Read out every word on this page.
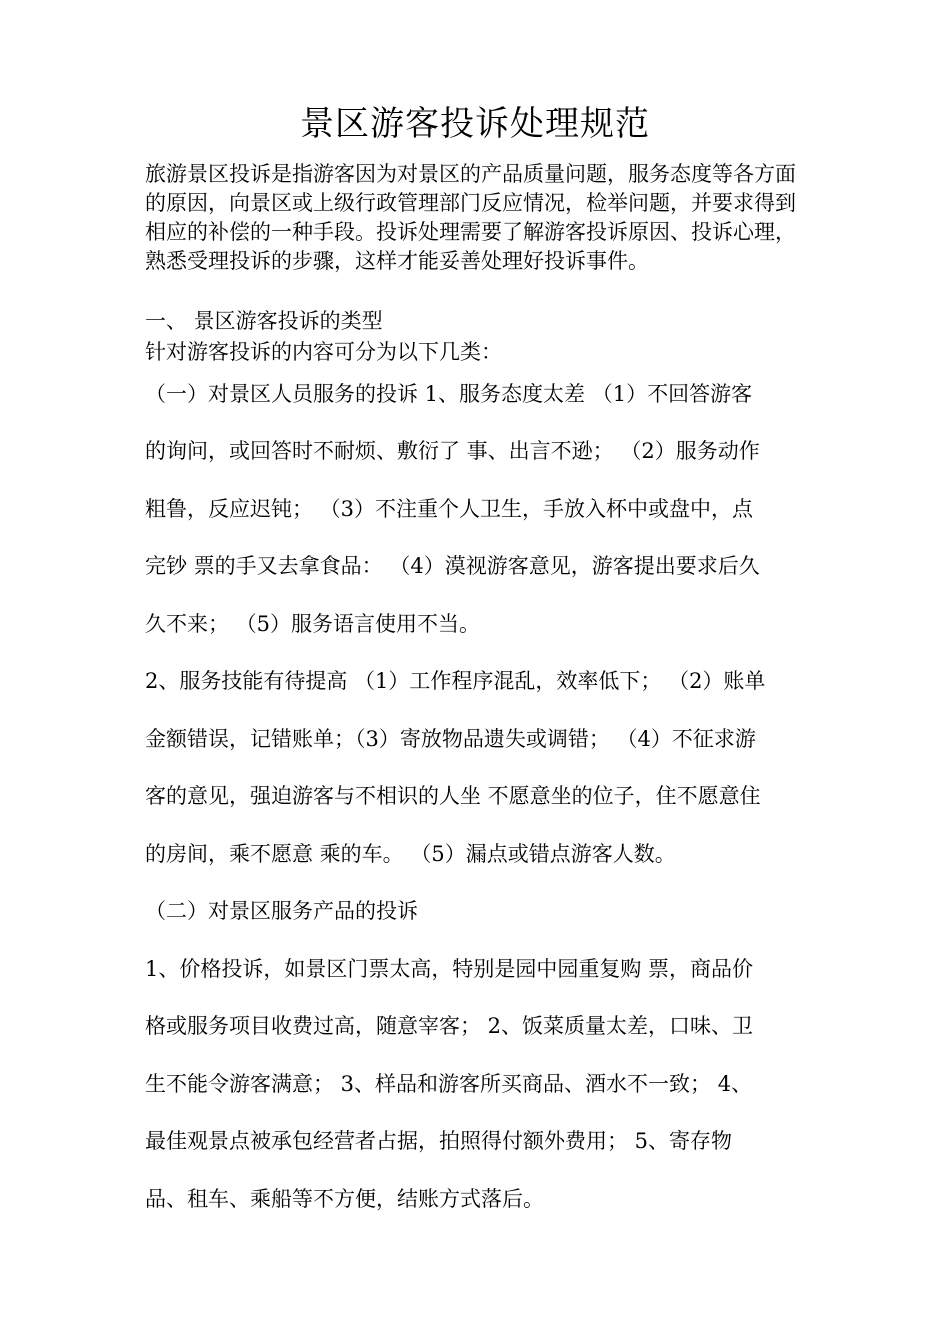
景区游客投诉处理规范

旅游景区投诉是指游客因为对景区的产品质量问题，服务态度等各方面的原因，向景区或上级行政管理部门反应情况，检举问题，并要求得到相应的补偿的一种手段。投诉处理需要了解游客投诉原因、投诉心理，熟悉受理投诉的步骤，这样才能妥善处理好投诉事件。

一、 景区游客投诉的类型

针对游客投诉的内容可分为以下几类：

（一）对景区人员服务的投诉 1、服务态度太差 （1）不回答游客

的询问，或回答时不耐烦、敷衍了 事、出言不逊； （2）服务动作

粗鲁，反应迟钝； （3）不注重个人卫生，手放入杯中或盘中，点

完钞 票的手又去拿食品： （4）漠视游客意见，游客提出要求后久

久不来； （5）服务语言使用不当。

2、服务技能有待提高 （1）工作程序混乱，效率低下； （2）账单

金额错误，记错账单；（3）寄放物品遗失或调错； （4）不征求游

客的意见，强迫游客与不相识的人坐 不愿意坐的位子，住不愿意住

的房间，乘不愿意 乘的车。 （5）漏点或错点游客人数。

（二）对景区服务产品的投诉

1、价格投诉，如景区门票太高，特别是园中园重复购 票，商品价

格或服务项目收费过高，随意宰客； 2、饭菜质量太差，口味、卫

生不能令游客满意； 3、样品和游客所买商品、酒水不一致； 4、

最佳观景点被承包经营者占据，拍照得付额外费用； 5、寄存物

品、租车、乘船等不方便，结账方式落后。
